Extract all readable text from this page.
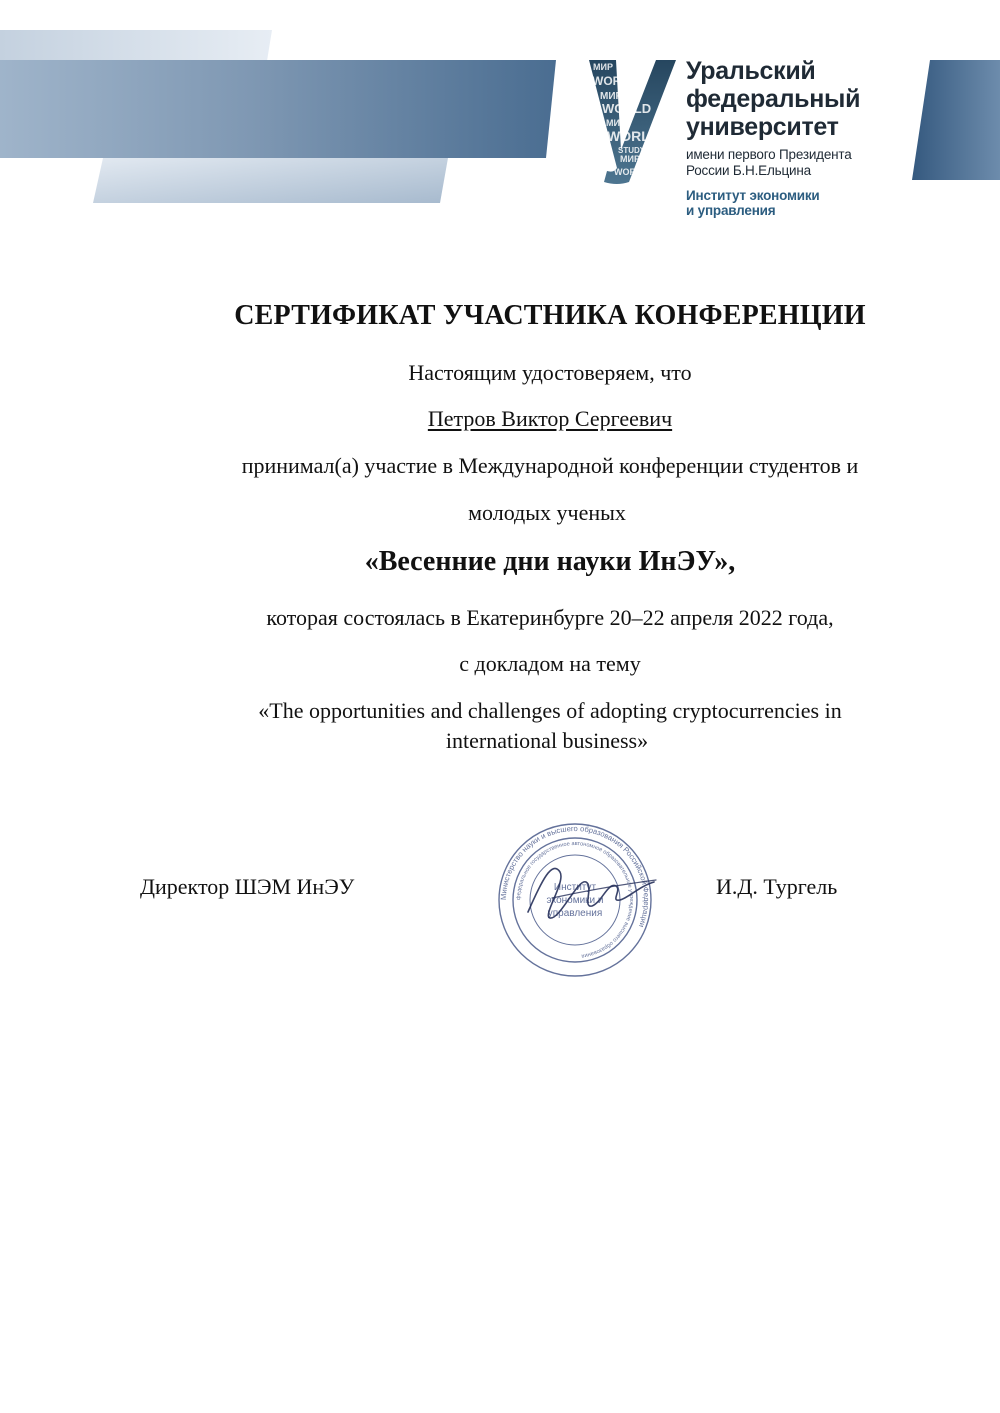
МИР
WORLD
МИР
WORLD
МИР
WORLD
STUDY
МИР
WORLD
Уральский
федеральный
университет
имени первого Президента
России Б.Н.Ельцина
Институт экономики
и управления
СЕРТИФИКАТ УЧАСТНИКА КОНФЕРЕНЦИИ
Настоящим удостоверяем, что
Петров Виктор Сергеевич
принимал(а) участие в Международной конференции студентов и
молодых ученых
«Весенние дни науки ИнЭУ»,
которая состоялась в Екатеринбурге 20–22 апреля 2022 года,
с докладом на тему
«The opportunities and challenges of adopting cryptocurrencies in
international business»
Директор ШЭМ ИнЭУ	И.Д. Тургель
Министерство науки и высшего образования Российской Федерации
федеральное государственное автономное образовательное учреждение высшего образования
Институт
экономики и
управления
